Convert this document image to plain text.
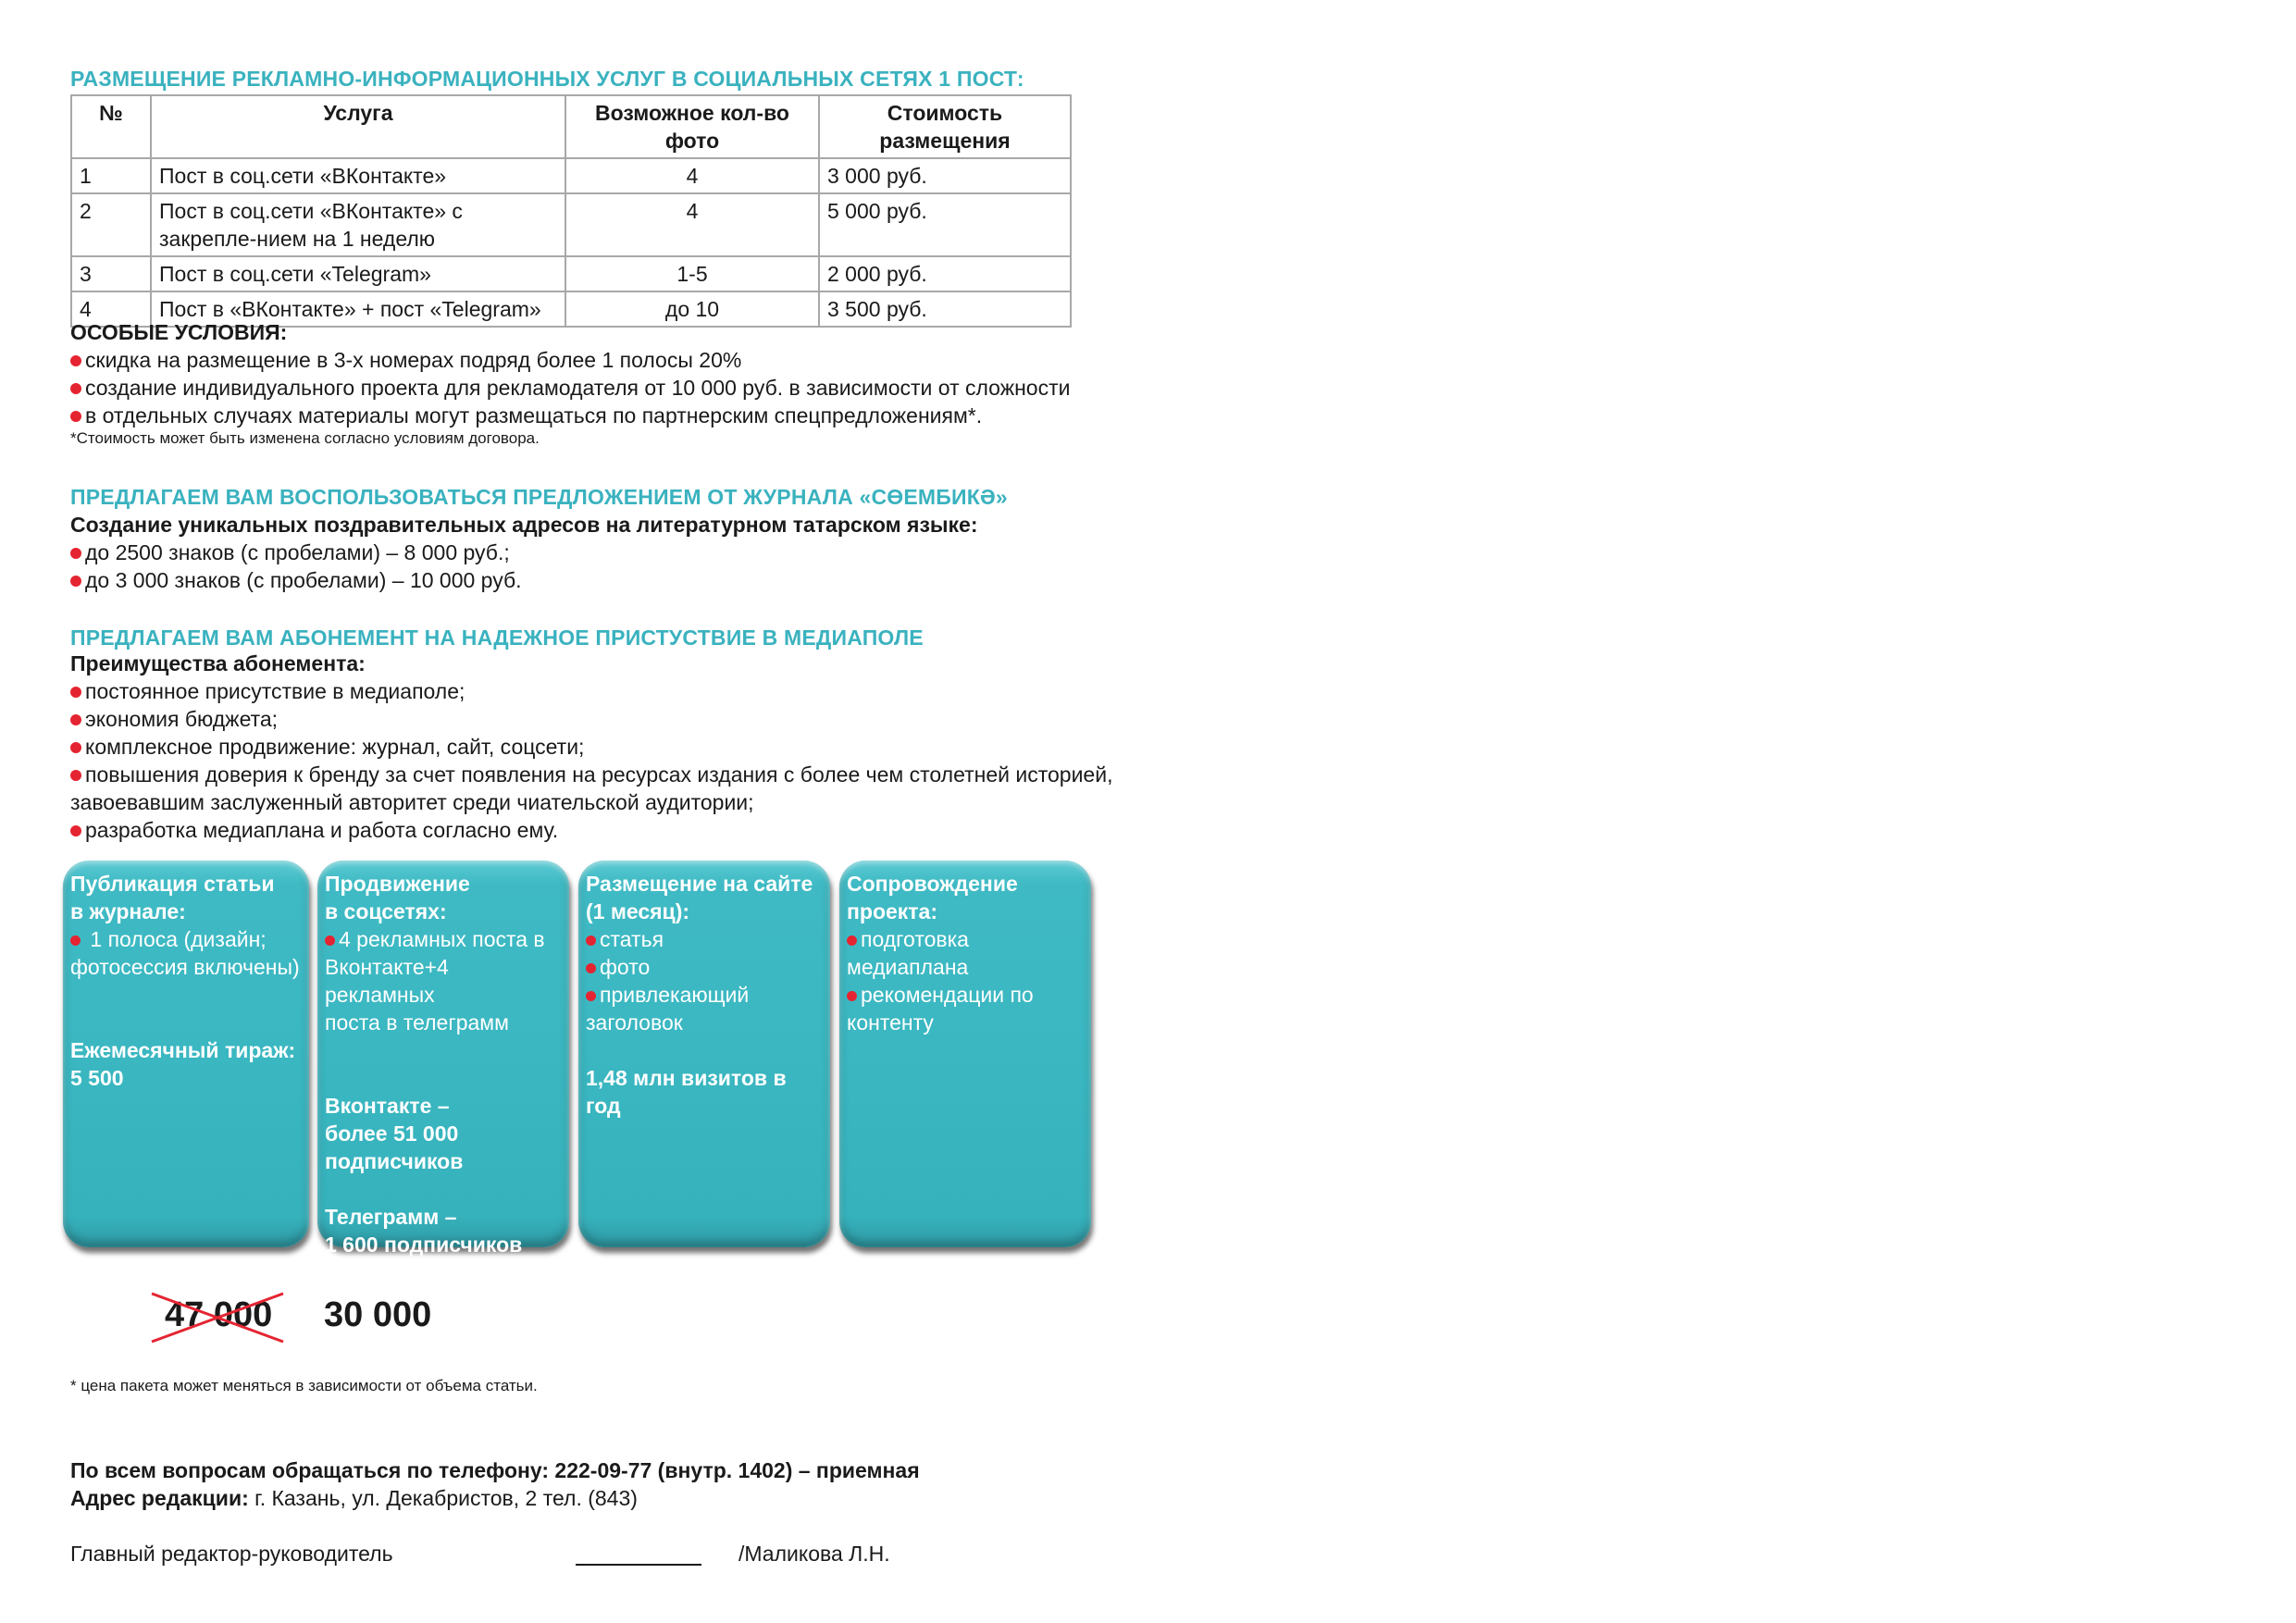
РАЗМЕЩЕНИЕ РЕКЛАМНО-ИНФОРМАЦИОННЫХ УСЛУГ В СОЦИАЛЬНЫХ СЕТЯХ 1 ПОСТ:
№	Услуга	Возможное кол-во фото	Стоимость размещения
1	Пост в соц.сети «ВКонтакте»	4	3 000 руб.
2	Пост в соц.сети «ВКонтакте» с закрепле-нием на 1 неделю	4	5 000 руб.
3	Пост в соц.сети «Telegram»	1-5	2 000 руб.
4	Пост в «ВКонтакте» + пост «Telegram»	до 10	3 500 руб.
ОСОБЫЕ УСЛОВИЯ:
скидка на размещение в 3-х номерах подряд более 1 полосы 20%
создание индивидуального проекта для рекламодателя от 10 000 руб. в зависимости от сложности
в отдельных случаях материалы могут размещаться по партнерским спецпредложениям*.
*Стоимость может быть изменена согласно условиям договора.
ПРЕДЛАГАЕМ ВАМ ВОСПОЛЬЗОВАТЬСЯ ПРЕДЛОЖЕНИЕМ ОТ ЖУРНАЛА «СӨЕМБИКӘ»
Создание уникальных поздравительных адресов на литературном татарском языке:
до 2500 знаков (с пробелами) – 8 000 руб.;
до 3 000 знаков (с пробелами) – 10 000 руб.
ПРЕДЛАГАЕМ ВАМ АБОНЕМЕНТ НА НАДЕЖНОЕ ПРИСТУСТВИЕ В МЕДИАПОЛЕ
Преимущества абонемента:
постоянное присутствие в медиаполе;
экономия бюджета;
комплексное продвижение: журнал, сайт, соцсети;
повышения доверия к бренду за счет появления на ресурсах издания с более чем столетней историей,
завоевавшим заслуженный авторитет среди чиательской аудитории;
разработка медиаплана и работа согласно ему.
Публикация статьи
в журнале:
1 полоса (дизайн;
фотосессия включены)
Ежемесячный тираж:
5 500
Продвижение
в соцсетях:
4 рекламных поста в
Вконтакте+4 рекламных
поста в телеграмм
Вконтакте –
более 51 000
подписчиков
Телеграмм –
1 600 подписчиков
Размещение на сайте
(1 месяц):
статья
фото
привлекающий
заголовок
1,48 млн визитов в год
Сопровождение
проекта:
подготовка
медиаплана
рекомендации по
контенту
47 000 30 000
* цена пакета может меняться в зависимости от объема статьи.
По всем вопросам обращаться по телефону: 222-09-77 (внутр. 1402) – приемная
Адрес редакции: г. Казань, ул. Декабристов, 2 тел. (843)
Главный редактор-руководитель	/Маликова Л.Н.
